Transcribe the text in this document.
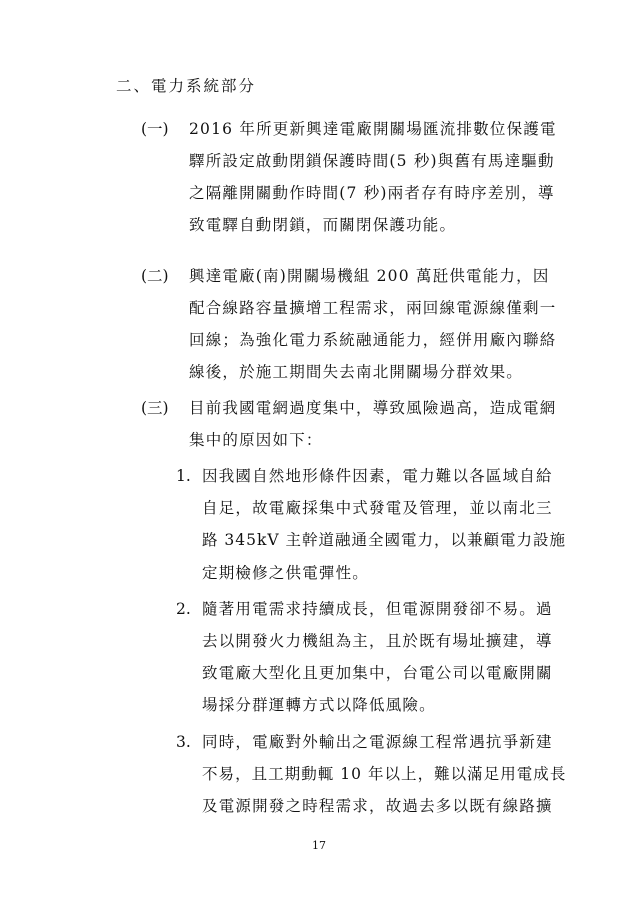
二、電力系統部分
(一) 2016 年所更新興達電廠開關場匯流排數位保護電
驛所設定啟動閉鎖保護時間(5 秒)與舊有馬達驅動
之隔離開關動作時間(7 秒)兩者存有時序差別，導
致電驛自動閉鎖，而關閉保護功能。
(二) 興達電廠(南)開關場機組 200 萬瓩供電能力，因
配合線路容量擴增工程需求，兩回線電源線僅剩一
回線；為強化電力系統融通能力，經併用廠內聯絡
線後，於施工期間失去南北開關場分群效果。
(三) 目前我國電網過度集中，導致風險過高，造成電網
集中的原因如下：
1. 因我國自然地形條件因素，電力難以各區域自給
自足，故電廠採集中式發電及管理，並以南北三
路 345kV 主幹道融通全國電力，以兼顧電力設施
定期檢修之供電彈性。
2. 隨著用電需求持續成長，但電源開發卻不易。過
去以開發火力機組為主，且於既有場址擴建，導
致電廠大型化且更加集中，台電公司以電廠開關
場採分群運轉方式以降低風險。
3. 同時，電廠對外輸出之電源線工程常遇抗爭新建
不易，且工期動輒 10 年以上，難以滿足用電成長
及電源開發之時程需求，故過去多以既有線路擴
17
